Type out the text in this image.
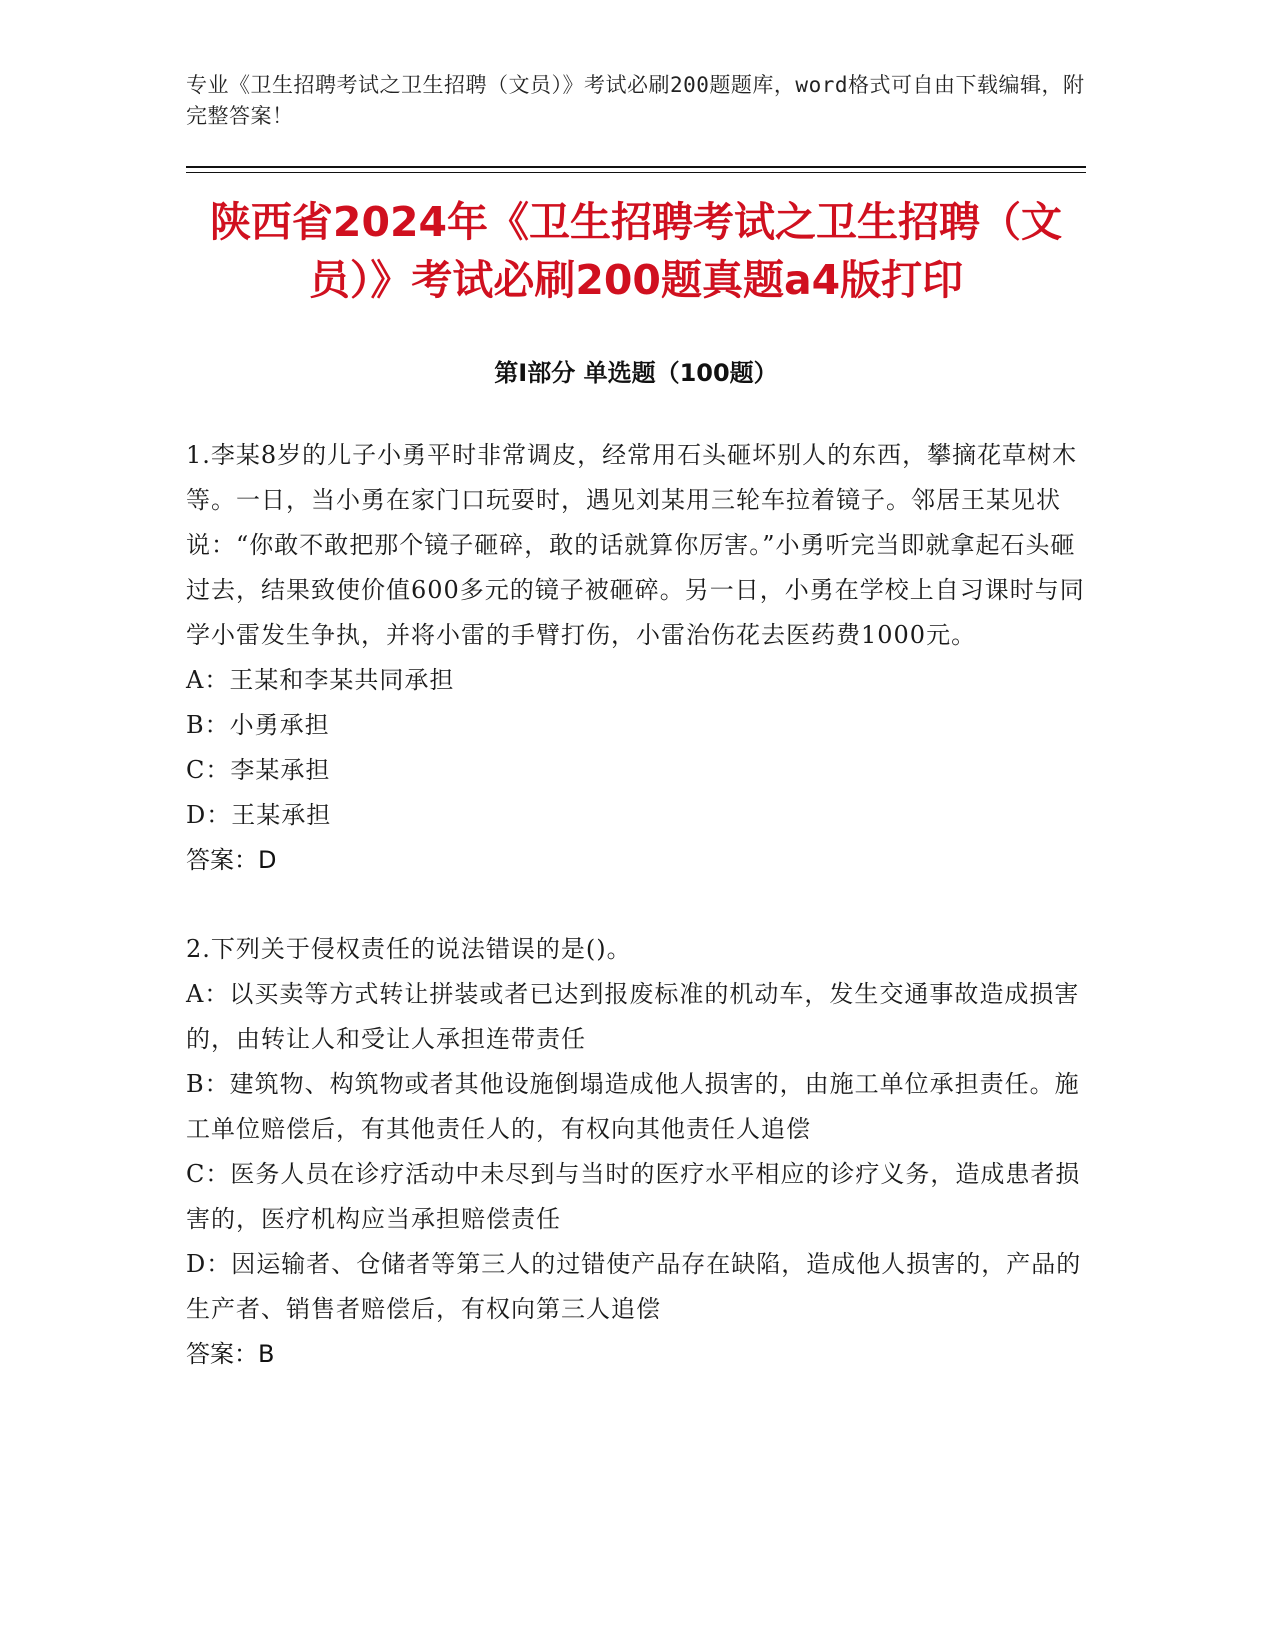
专业《卫生招聘考试之卫生招聘（文员）》考试必刷200题题库，word格式可自由下载编辑，附完整答案！

陕西省2024年《卫生招聘考试之卫生招聘（文员）》考试必刷200题真题a4版打印
第Ⅰ部分 单选题（100题）

1.李某8岁的儿子小勇平时非常调皮，经常用石头砸坏别人的东西，攀摘花草树木等。一日，当小勇在家门口玩耍时，遇见刘某用三轮车拉着镜子。邻居王某见状说：“你敢不敢把那个镜子砸碎，敢的话就算你厉害。”小勇听完当即就拿起石头砸过去，结果致使价值600多元的镜子被砸碎。另一日，小勇在学校上自习课时与同学小雷发生争执，并将小雷的手臂打伤，小雷治伤花去医药费1000元。

A：王某和李某共同承担

B：小勇承担

C：李某承担

D：王某承担

答案：D

2.下列关于侵权责任的说法错误的是()。

A：以买卖等方式转让拼装或者已达到报废标准的机动车，发生交通事故造成损害的，由转让人和受让人承担连带责任

B：建筑物、构筑物或者其他设施倒塌造成他人损害的，由施工单位承担责任。施工单位赔偿后，有其他责任人的，有权向其他责任人追偿

C：医务人员在诊疗活动中未尽到与当时的医疗水平相应的诊疗义务，造成患者损害的，医疗机构应当承担赔偿责任

D：因运输者、仓储者等第三人的过错使产品存在缺陷，造成他人损害的，产品的生产者、销售者赔偿后，有权向第三人追偿

答案：B
